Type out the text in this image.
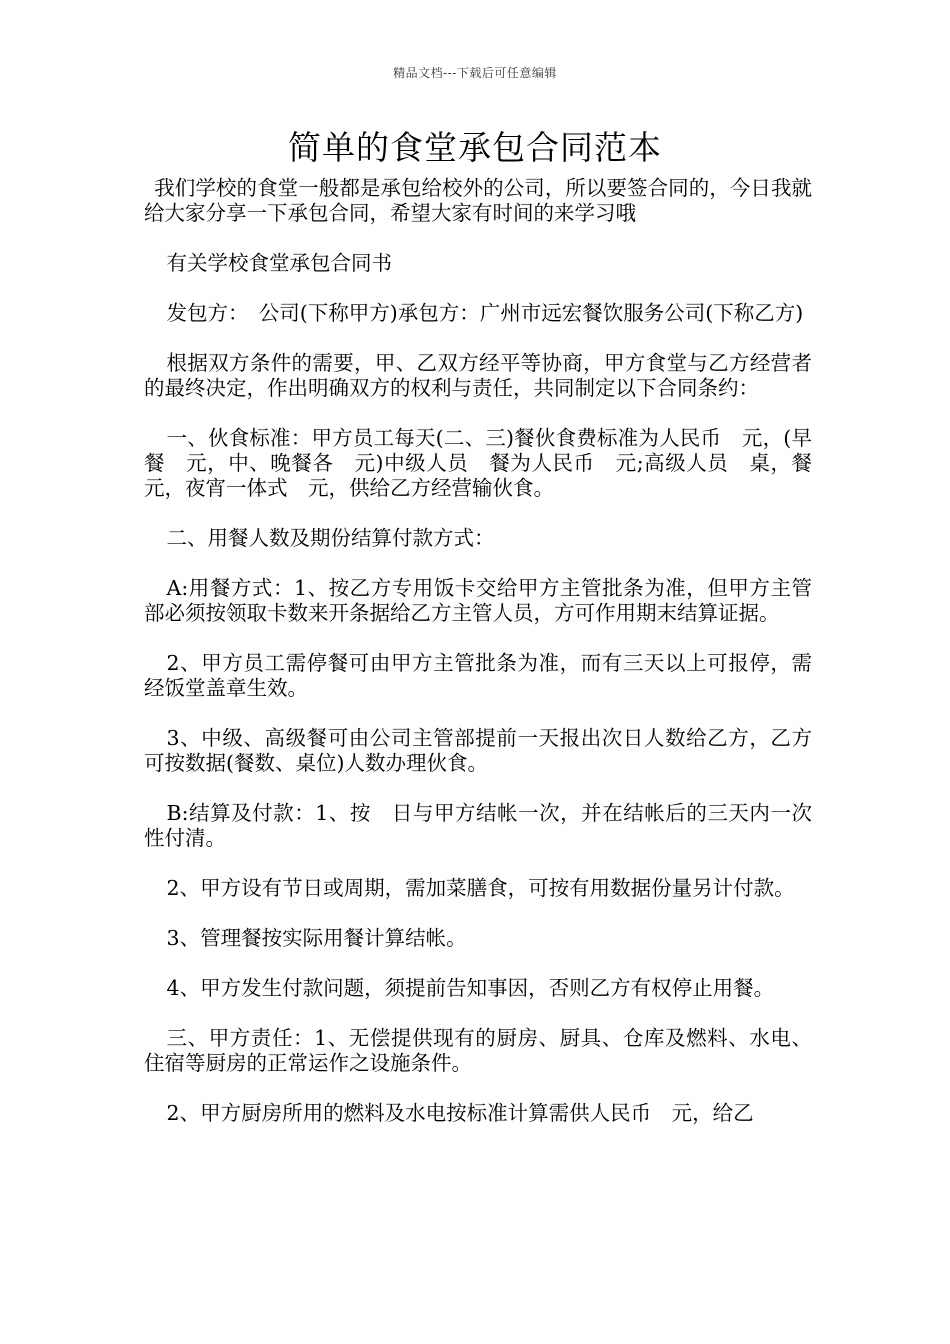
精品文档---下载后可任意编辑
简单的食堂承包合同范本

我们学校的食堂一般都是承包给校外的公司，所以要签合同的，今日我就给大家分享一下承包合同，希望大家有时间的来学习哦

有关学校食堂承包合同书

发包方：　公司(下称甲方)承包方：广州市远宏餐饮服务公司(下称乙方)

根据双方条件的需要，甲、乙双方经平等协商，甲方食堂与乙方经营者的最终决定，作出明确双方的权利与责任，共同制定以下合同条约：

一、伙食标准：甲方员工每天(二、三)餐伙食费标准为人民币　元，(早餐　元，中、晚餐各　元)中级人员　餐为人民币　元;高级人员　桌，餐　元，夜宵一体式　元，供给乙方经营输伙食。

二、用餐人数及期份结算付款方式：

A:用餐方式：1、按乙方专用饭卡交给甲方主管批条为准，但甲方主管部必须按领取卡数来开条据给乙方主管人员，方可作用期末结算证据。

2、甲方员工需停餐可由甲方主管批条为准，而有三天以上可报停，需经饭堂盖章生效。

3、中级、高级餐可由公司主管部提前一天报出次日人数给乙方，乙方可按数据(餐数、桌位)人数办理伙食。

B:结算及付款：1、按　日与甲方结帐一次，并在结帐后的三天内一次性付清。

2、甲方设有节日或周期，需加菜膳食，可按有用数据份量另计付款。

3、管理餐按实际用餐计算结帐。

4、甲方发生付款问题，须提前告知事因，否则乙方有权停止用餐。

三、甲方责任：1、无偿提供现有的厨房、厨具、仓库及燃料、水电、住宿等厨房的正常运作之设施条件。

2、甲方厨房所用的燃料及水电按标准计算需供人民币　元，给乙
